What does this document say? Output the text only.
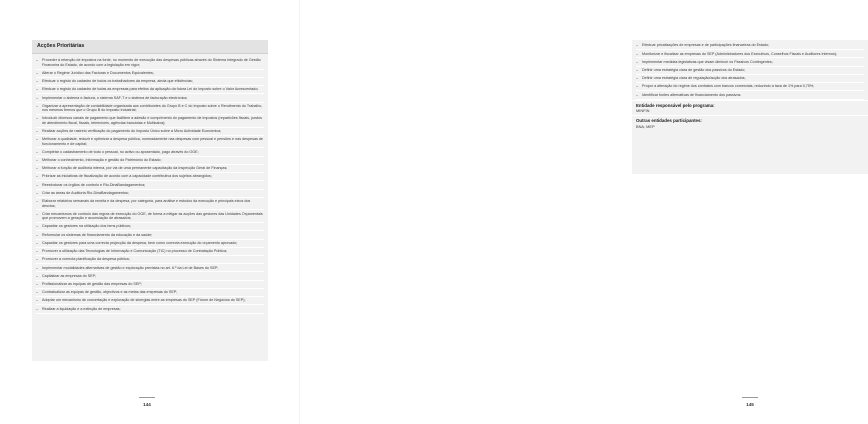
Acções Prioritárias
– Proceder à retenção de impostos na fonte, no momento de execução das despesas públicas através do Sistema Integrado de Gestão Financeira do Estado, de acordo com a legislação em vigor;
– Alterar o Regime Jurídico das Facturas e Documentos Equivalentes;
– Efectuar o registo do cadastro de todos os trabalhadores da empresa, ainda que eficiências;
– Efectuar o registo do cadastro de todas as empresas para efeitos da aplicação da futura Lei do Imposto sobre o Valor Acrescentado;
– Implementar o sistema e-factura, o sistema SAF-T e o sistema de facturação electrónica;
– Organizar a apresentação de contabilidade organizada aos contribuintes do Grupo B e C do Imposto sobre o Rendimento do Trabalho, nos mesmos termos que o Grupo B do Imposto Industrial;
– Introduzir diversos canais de pagamento que facilitem a adesão e cumprimento do pagamento de impostos (reparticões fiscais, postos de atendimento fiscal, fiscais, telemóveis, agências bancárias e Multicaixa);
– Realizar acções de rastreio verificação do pagamento do Imposto Único sobre a Micro Actividade Económica;
– Melhorar a qualidade, reduzir e optimizar a despesa pública, nomeadamente nas despesas com pessoal e pensões e nas despesas de funcionamento e de capital;
– Completar o cadastramento de todo o pessoal, no activo ou aposentado, pago através do OGE;
– Melhorar o conhecimento, informação e gestão do Património do Estado;
– Melhorar a função de auditoria interna, por via de uma permanente capacitação da Inspecção Geral de Finanças;
– Priorizar as iniciativas de fiscalização de acordo com a capacidade contributiva dos sujeitos abrangidos;
– Reestruturar os órgãos de controlo e Rio-DinaBandagamentos;
– Criar as áreas de Auditoria Rio-DinaBandagamentos;
– Elaborar relatórios semanais da receita e da despesa, por categoria, para análise e estudos da execução e principais eixos dos desvios;
– Criar mecanismos de controlo das regras de execução do OGE, de forma a mitigar as acções das gestores das Unidades Orçamentais que promovem a geração e acumulação de atrasados;
– Capacitar os gestores na utilização dos bens públicos;
– Reformular os sistemas de financiamento da educação e da saúde;
– Capacitar os gestores para uma correcta projecção da despesa, bem como correcta execução do orçamento aprovado;
– Promover a utilização das Tecnologias de Informação e Comunicação (TIC) no processo de Contratação Pública;
– Promover a correcta planificação da despesa pública;
– Implementar modalidades alternativas de gestão e exploração previstas no art. 6.º da Lei de Bases do SEP;
– Capitalizar as empresas do SEP;
– Profissionalizar as equipas de gestão das empresas do SEP;
– Contratualizar as equipas de gestão, objectivos e as metas das empresas do SEP;
– Adoptar um mecanismo de concertação e exploração de sinergias entre as empresas do SEP (Fórum de Negócios do SEP);
– Realizar a liquidação e a extinção de empresas;
144
– Efectuar privatizações de empresas e de participações financeiras do Estado;
– Monitorizar e fiscalizar as empresas do SEP (Administradores dos Executivos, Conselhos Fiscais e Auditores Internos);
– Implementar medidas legislativas que visam diminuir os Passivos Contingentes;
– Definir uma estratégia clara de gestão dos passivos do Estado;
– Definir uma estratégia clara de regulação/acção dos atrasados;
– Propor a alteração do regime dos contratos com bancos comerciais, reduzindo a taxa de 1% para 0,75%;
– Identificar fontes alternativas de financiamento dos passivos.
Entidade responsável pelo programa:
MINFIN
Outras entidades participantes:
BNA; MEP
145
